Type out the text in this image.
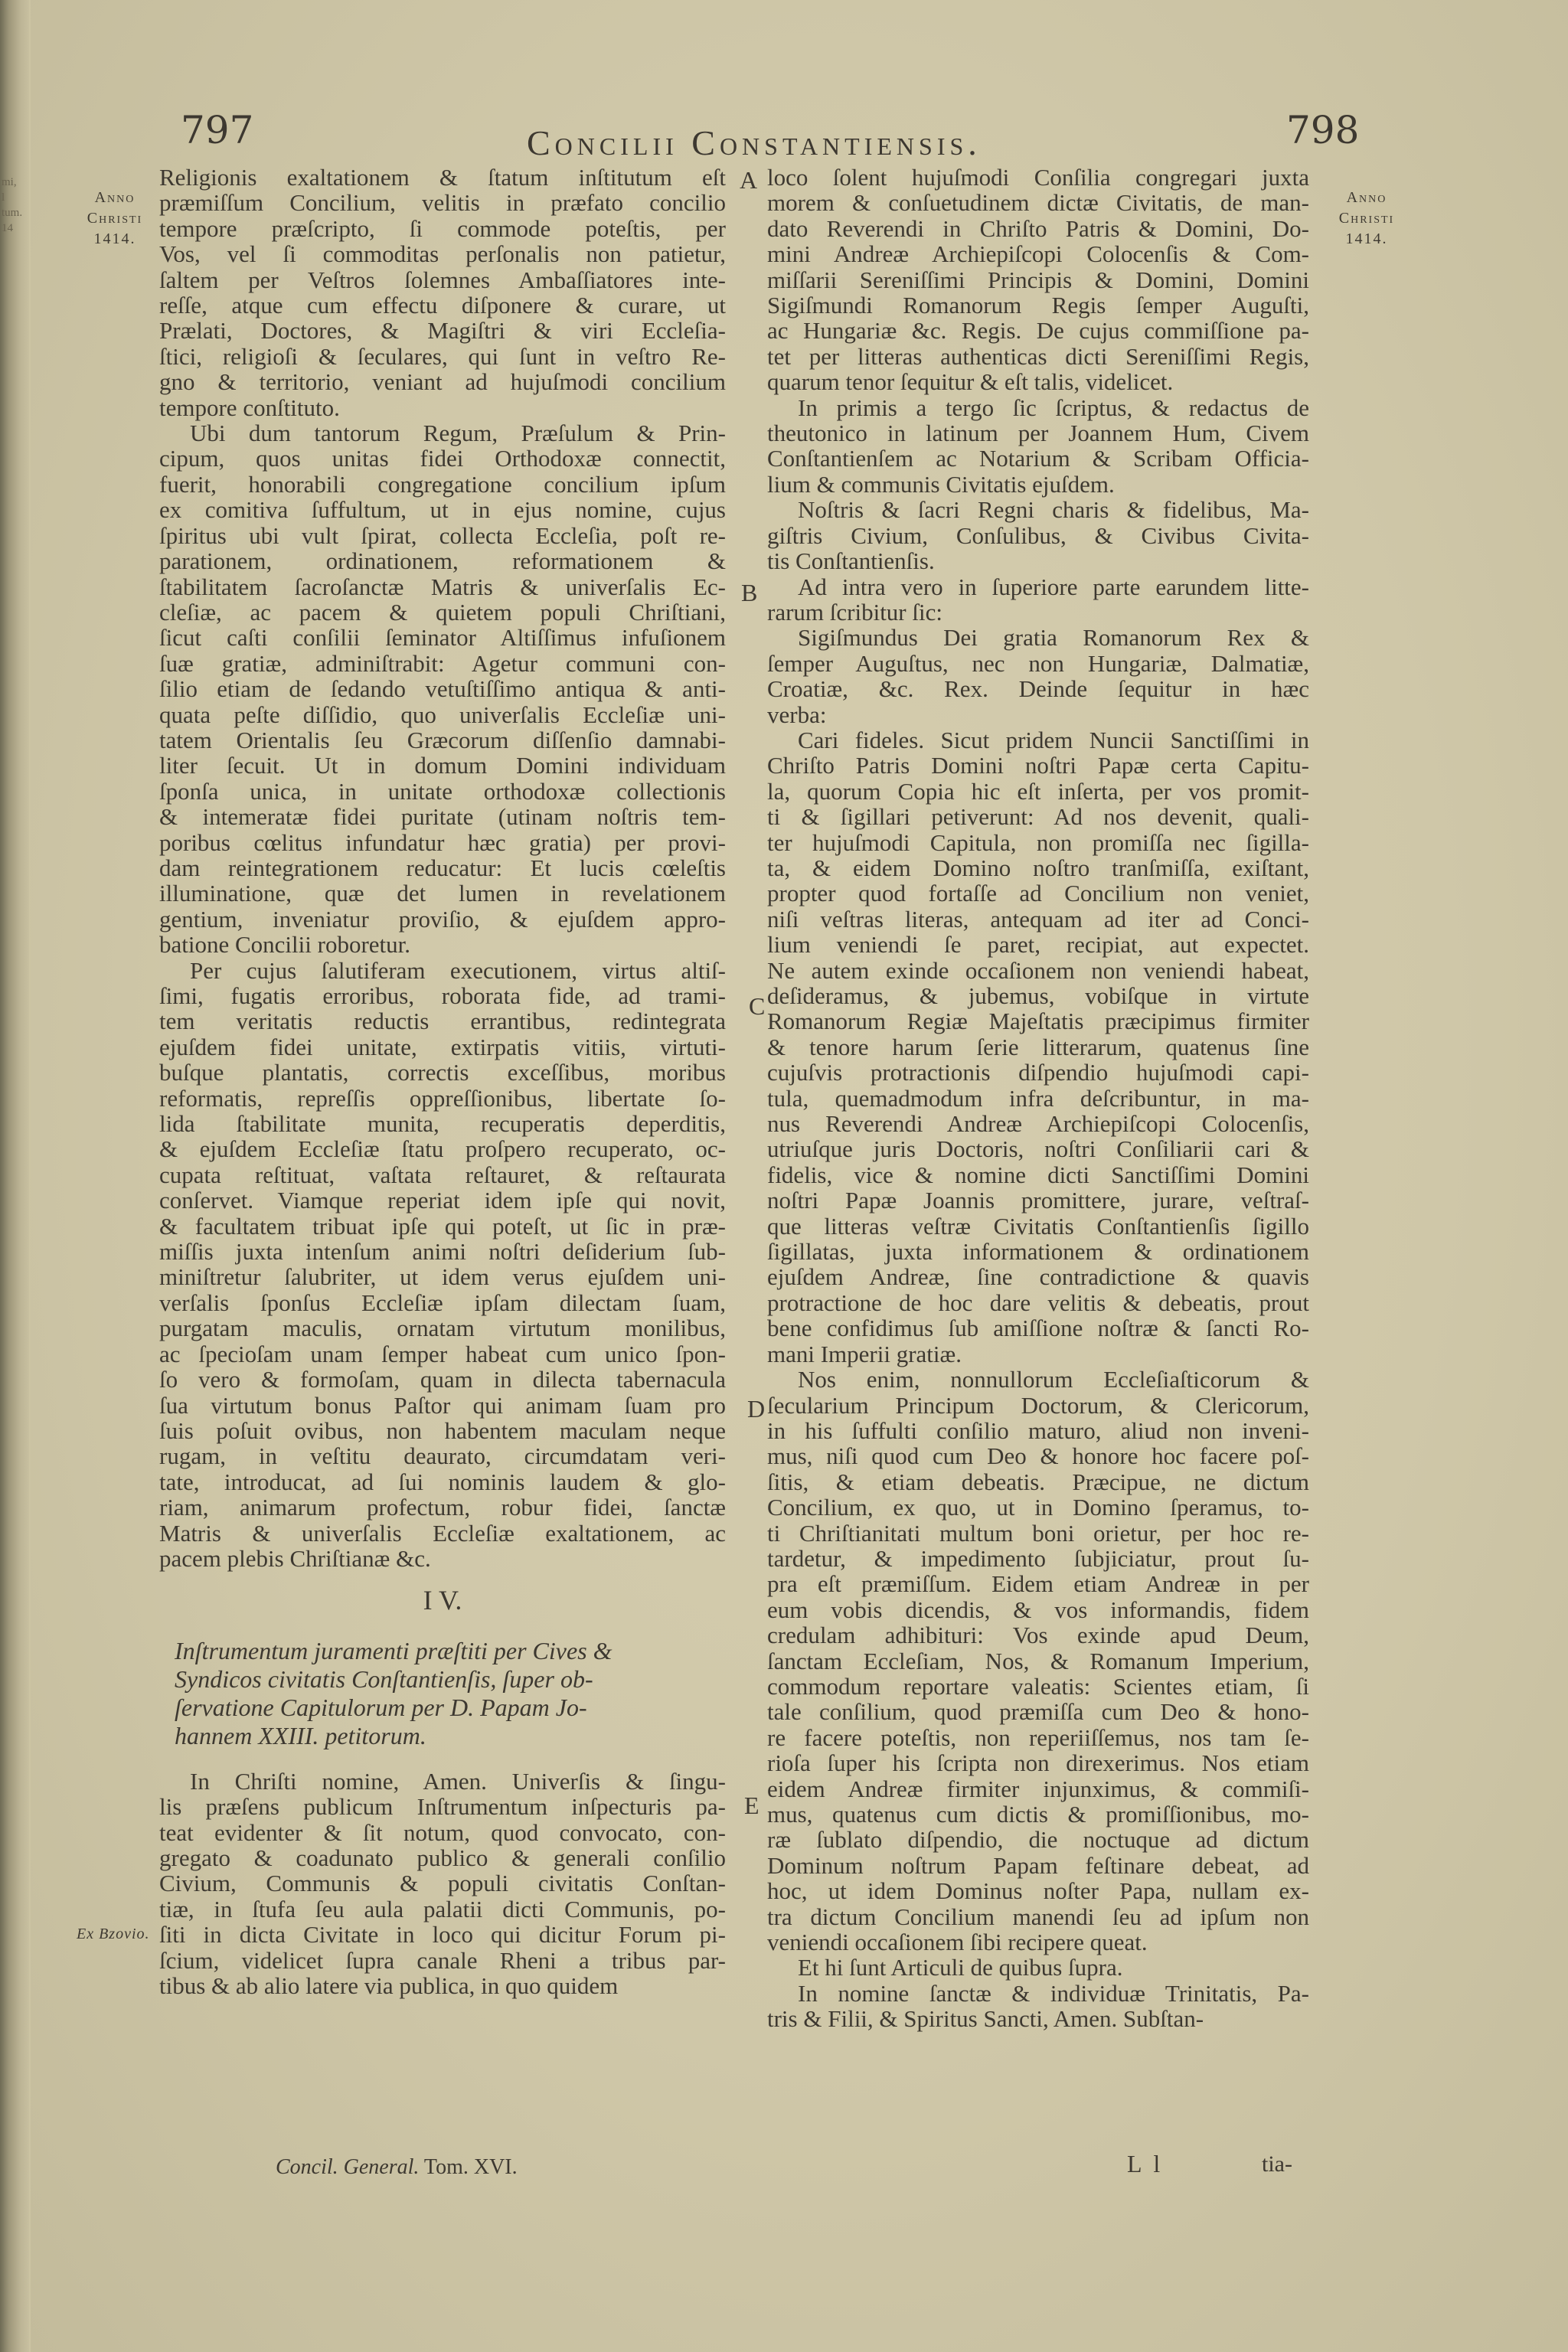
mi,
l
tum.
14
797	Concilii Constantiensis.	798
Anno
Christi
1414.
Anno
Christi
1414.
Ex Bzovio.
A
B
C
D
E

Religionis exaltationem & ſtatum inſtitutum eſt
præmiſſum Concilium, velitis in præfato concilio
tempore præſcripto, ſi commode poteſtis, per
Vos, vel ſi commoditas perſonalis non patietur,
ſaltem per Veſtros ſolemnes Ambaſſiatores inte-
reſſe, atque cum effectu diſponere & curare, ut
Prælati, Doctores, & Magiſtri & viri Eccleſia-
ſtici, religioſi & ſeculares, qui ſunt in veſtro Re-
gno & territorio, veniant ad hujuſmodi concilium
tempore conſtituto.

Ubi dum tantorum Regum, Præſulum & Prin-
cipum, quos unitas fidei Orthodoxæ connectit,
fuerit, honorabili congregatione concilium ipſum
ex comitiva ſuffultum, ut in ejus nomine, cujus
ſpiritus ubi vult ſpirat, collecta Eccleſia, poſt re-
parationem, ordinationem, reformationem &
ſtabilitatem ſacroſanctæ Matris & univerſalis Ec-
cleſiæ, ac pacem & quietem populi Chriſtiani,
ſicut caſti conſilii ſeminator Altiſſimus infuſionem
ſuæ gratiæ, adminiſtrabit: Agetur communi con-
ſilio etiam de ſedando vetuſtiſſimo antiqua & anti-
quata peſte diſſidio, quo univerſalis Eccleſiæ uni-
tatem Orientalis ſeu Græcorum diſſenſio damnabi-
liter ſecuit. Ut in domum Domini individuam
ſponſa unica, in unitate orthodoxæ collectionis
& intemeratæ fidei puritate (utinam noſtris tem-
poribus cœlitus infundatur hæc gratia) per provi-
dam reintegrationem reducatur: Et lucis cœleſtis
illuminatione, quæ det lumen in revelationem
gentium, inveniatur proviſio, & ejuſdem appro-
batione Concilii roboretur.

Per cujus ſalutiferam executionem, virtus altiſ-
ſimi, fugatis erroribus, roborata fide, ad trami-
tem veritatis reductis errantibus, redintegrata
ejuſdem fidei unitate, extirpatis vitiis, virtuti-
buſque plantatis, correctis exceſſibus, moribus
reformatis, repreſſis oppreſſionibus, libertate ſo-
lida ſtabilitate munita, recuperatis deperditis,
& ejuſdem Eccleſiæ ſtatu proſpero recuperato, oc-
cupata reſtituat, vaſtata reſtauret, & reſtaurata
conſervet. Viamque reperiat idem ipſe qui novit,
& facultatem tribuat ipſe qui poteſt, ut ſic in præ-
miſſis juxta intenſum animi noſtri deſiderium ſub-
miniſtretur ſalubriter, ut idem verus ejuſdem uni-
verſalis ſponſus Eccleſiæ ipſam dilectam ſuam,
purgatam maculis, ornatam virtutum monilibus,
ac ſpecioſam unam ſemper habeat cum unico ſpon-
ſo vero & formoſam, quam in dilecta tabernacula
ſua virtutum bonus Paſtor qui animam ſuam pro
ſuis poſuit ovibus, non habentem maculam neque
rugam, in veſtitu deaurato, circumdatam veri-
tate, introducat, ad ſui nominis laudem & glo-
riam, animarum profectum, robur fidei, ſanctæ
Matris & univerſalis Eccleſiæ exaltationem, ac
pacem plebis Chriſtianæ &c.

I V.
Inſtrumentum juramenti præſtiti per Cives &
Syndicos civitatis Conſtantienſis, ſuper ob-
ſervatione Capitulorum per D. Papam Jo-
hannem XXIII. petitorum.

In Chriſti nomine, Amen. Univerſis & ſingu-
lis præſens publicum Inſtrumentum inſpecturis pa-
teat evidenter & ſit notum, quod convocato, con-
gregato & coadunato publico & generali conſilio
Civium, Communis & populi civitatis Conſtan-
tiæ, in ſtufa ſeu aula palatii dicti Communis, po-
ſiti in dicta Civitate in loco qui dicitur Forum pi-
ſcium, videlicet ſupra canale Rheni a tribus par-
tibus & ab alio latere via publica, in quo quidem

loco ſolent hujuſmodi Conſilia congregari juxta
morem & conſuetudinem dictæ Civitatis, de man-
dato Reverendi in Chriſto Patris & Domini, Do-
mini Andreæ Archiepiſcopi Colocenſis & Com-
miſſarii Sereniſſimi Principis & Domini, Domini
Sigiſmundi Romanorum Regis ſemper Auguſti,
ac Hungariæ &c. Regis. De cujus commiſſione pa-
tet per litteras authenticas dicti Sereniſſimi Regis,
quarum tenor ſequitur & eſt talis, videlicet.

In primis a tergo ſic ſcriptus, & redactus de
theutonico in latinum per Joannem Hum, Civem
Conſtantienſem ac Notarium & Scribam Officia-
lium & communis Civitatis ejuſdem.

Noſtris & ſacri Regni charis & fidelibus, Ma-
giſtris Civium, Conſulibus, & Civibus Civita-
tis Conſtantienſis.

Ad intra vero in ſuperiore parte earundem litte-
rarum ſcribitur ſic:

Sigiſmundus Dei gratia Romanorum Rex &
ſemper Auguſtus, nec non Hungariæ, Dalmatiæ,
Croatiæ, &c. Rex. Deinde ſequitur in hæc
verba:

Cari fideles. Sicut pridem Nuncii Sanctiſſimi in
Chriſto Patris Domini noſtri Papæ certa Capitu-
la, quorum Copia hic eſt inſerta, per vos promit-
ti & ſigillari petiverunt: Ad nos devenit, quali-
ter hujuſmodi Capitula, non promiſſa nec ſigilla-
ta, & eidem Domino noſtro tranſmiſſa, exiſtant,
propter quod fortaſſe ad Concilium non veniet,
niſi veſtras literas, antequam ad iter ad Conci-
lium veniendi ſe paret, recipiat, aut expectet.
Ne autem exinde occaſionem non veniendi habeat,
deſideramus, & jubemus, vobiſque in virtute
Romanorum Regiæ Majeſtatis præcipimus firmiter
& tenore harum ſerie litterarum, quatenus ſine
cujuſvis protractionis diſpendio hujuſmodi capi-
tula, quemadmodum infra deſcribuntur, in ma-
nus Reverendi Andreæ Archiepiſcopi Colocenſis,
utriuſque juris Doctoris, noſtri Conſiliarii cari &
fidelis, vice & nomine dicti Sanctiſſimi Domini
noſtri Papæ Joannis promittere, jurare, veſtraſ-
que litteras veſtræ Civitatis Conſtantienſis ſigillo
ſigillatas, juxta informationem & ordinationem
ejuſdem Andreæ, ſine contradictione & quavis
protractione de hoc dare velitis & debeatis, prout
bene confidimus ſub amiſſione noſtræ & ſancti Ro-
mani Imperii gratiæ.

Nos enim, nonnullorum Eccleſiaſticorum &
ſecularium Principum Doctorum, & Clericorum,
in his ſuffulti conſilio maturo, aliud non inveni-
mus, niſi quod cum Deo & honore hoc facere poſ-
ſitis, & etiam debeatis. Præcipue, ne dictum
Concilium, ex quo, ut in Domino ſperamus, to-
ti Chriſtianitati multum boni orietur, per hoc re-
tardetur, & impedimento ſubjiciatur, prout ſu-
pra eſt præmiſſum. Eidem etiam Andreæ in per
eum vobis dicendis, & vos informandis, fidem
credulam adhibituri: Vos exinde apud Deum,
ſanctam Eccleſiam, Nos, & Romanum Imperium,
commodum reportare valeatis: Scientes etiam, ſi
tale conſilium, quod præmiſſa cum Deo & hono-
re facere poteſtis, non reperiiſſemus, nos tam ſe-
rioſa ſuper his ſcripta non direxerimus. Nos etiam
eidem Andreæ firmiter injunximus, & commiſi-
mus, quatenus cum dictis & promiſſionibus, mo-
ræ ſublato diſpendio, die noctuque ad dictum
Dominum noſtrum Papam feſtinare debeat, ad
hoc, ut idem Dominus noſter Papa, nullam ex-
tra dictum Concilium manendi ſeu ad ipſum non
veniendi occaſionem ſibi recipere queat.

Et hi ſunt Articuli de quibus ſupra.

In nomine ſanctæ & individuæ Trinitatis, Pa-
tris & Filii, & Spiritus Sancti, Amen. Subſtan-

Concil. General. Tom. XVI.	L l	tia-
